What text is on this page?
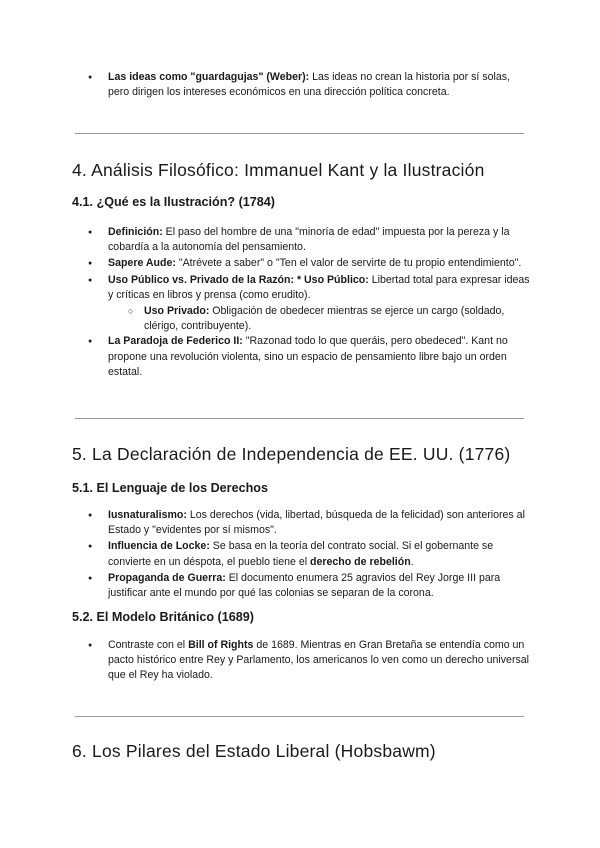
● Las ideas como "guardagujas" (Weber): Las ideas no crean la historia por sí solas, pero dirigen los intereses económicos en una dirección política concreta.
4. Análisis Filosófico: Immanuel Kant y la Ilustración
4.1. ¿Qué es la Ilustración? (1784)
● Definición: El paso del hombre de una "minoría de edad" impuesta por la pereza y la cobardía a la autonomía del pensamiento.
● Sapere Aude: "Atrévete a saber" o "Ten el valor de servirte de tu propio entendimiento".
● Uso Público vs. Privado de la Razón: * Uso Público: Libertad total para expresar ideas y críticas en libros y prensa (como erudito).
○ Uso Privado: Obligación de obedecer mientras se ejerce un cargo (soldado, clérigo, contribuyente).
● La Paradoja de Federico II: "Razonad todo lo que queráis, pero obedeced". Kant no propone una revolución violenta, sino un espacio de pensamiento libre bajo un orden estatal.
5. La Declaración de Independencia de EE. UU. (1776)
5.1. El Lenguaje de los Derechos
● Iusnaturalismo: Los derechos (vida, libertad, búsqueda de la felicidad) son anteriores al Estado y "evidentes por sí mismos".
● Influencia de Locke: Se basa en la teoría del contrato social. Si el gobernante se convierte en un déspota, el pueblo tiene el derecho de rebelión.
● Propaganda de Guerra: El documento enumera 25 agravios del Rey Jorge III para justificar ante el mundo por qué las colonias se separan de la corona.
5.2. El Modelo Británico (1689)
● Contraste con el Bill of Rights de 1689. Mientras en Gran Bretaña se entendía como un pacto histórico entre Rey y Parlamento, los americanos lo ven como un derecho universal que el Rey ha violado.
6. Los Pilares del Estado Liberal (Hobsbawm)
